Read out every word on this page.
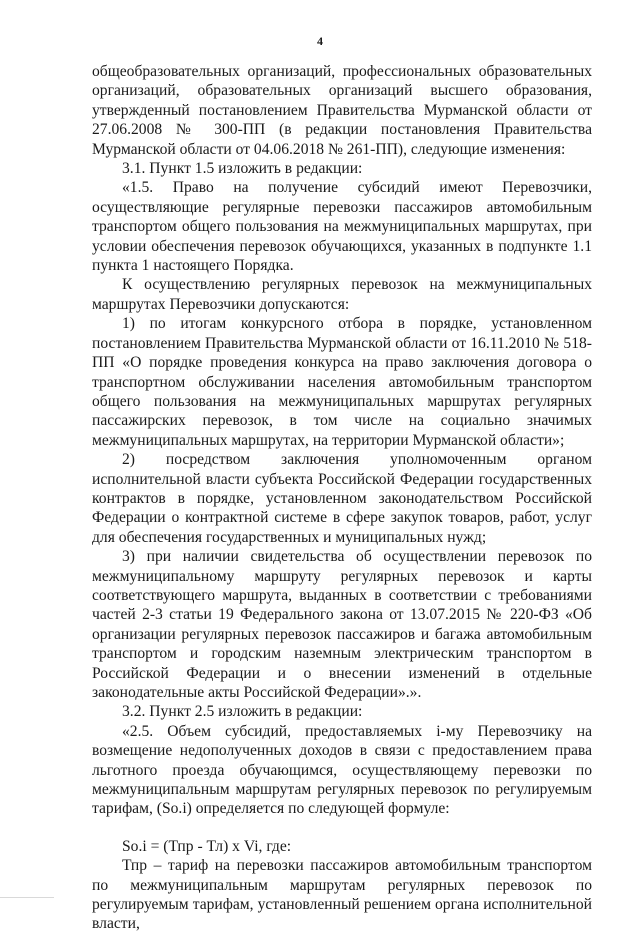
4

общеобразовательных организаций, профессиональных образовательных организаций, образовательных организаций высшего образования, утвержденный постановлением Правительства Мурманской области от 27.06.2008 № 300-ПП (в редакции постановления Правительства Мурманской области от 04.06.2018 № 261-ПП), следующие изменения:

3.1. Пункт 1.5 изложить в редакции:

«1.5. Право на получение субсидий имеют Перевозчики, осуществляющие регулярные перевозки пассажиров автомобильным транспортом общего пользования на межмуниципальных маршрутах, при условии обеспечения перевозок обучающихся, указанных в подпункте 1.1 пункта 1 настоящего Порядка.

К осуществлению регулярных перевозок на межмуниципальных маршрутах Перевозчики допускаются:

1) по итогам конкурсного отбора в порядке, установленном постановлением Правительства Мурманской области от 16.11.2010 № 518-ПП «О порядке проведения конкурса на право заключения договора о транспортном обслуживании населения автомобильным транспортом общего пользования на межмуниципальных маршрутах регулярных пассажирских перевозок, в том числе на социально значимых межмуниципальных маршрутах, на территории Мурманской области»;

2) посредством заключения уполномоченным органом исполнительной власти субъекта Российской Федерации государственных контрактов в порядке, установленном законодательством Российской Федерации о контрактной системе в сфере закупок товаров, работ, услуг для обеспечения государственных и муниципальных нужд;

3) при наличии свидетельства об осуществлении перевозок по межмуниципальному маршруту регулярных перевозок и карты соответствующего маршрута, выданных в соответствии с требованиями частей 2-3 статьи 19 Федерального закона от 13.07.2015 № 220-ФЗ «Об организации регулярных перевозок пассажиров и багажа автомобильным транспортом и городским наземным электрическим транспортом в Российской Федерации и о внесении изменений в отдельные законодательные акты Российской Федерации».».

3.2. Пункт 2.5 изложить в редакции:

«2.5. Объем субсидий, предоставляемых i-му Перевозчику на возмещение недополученных доходов в связи с предоставлением права льготного проезда обучающимся, осуществляющему перевозки по межмуниципальным маршрутам регулярных перевозок по регулируемым тарифам, (So.i) определяется по следующей формуле:

So.i = (Тпр - Тл) х Vi, где:

Тпр – тариф на перевозки пассажиров автомобильным транспортом по межмуниципальным маршрутам регулярных перевозок по регулируемым тарифам, установленный решением органа исполнительной власти,
